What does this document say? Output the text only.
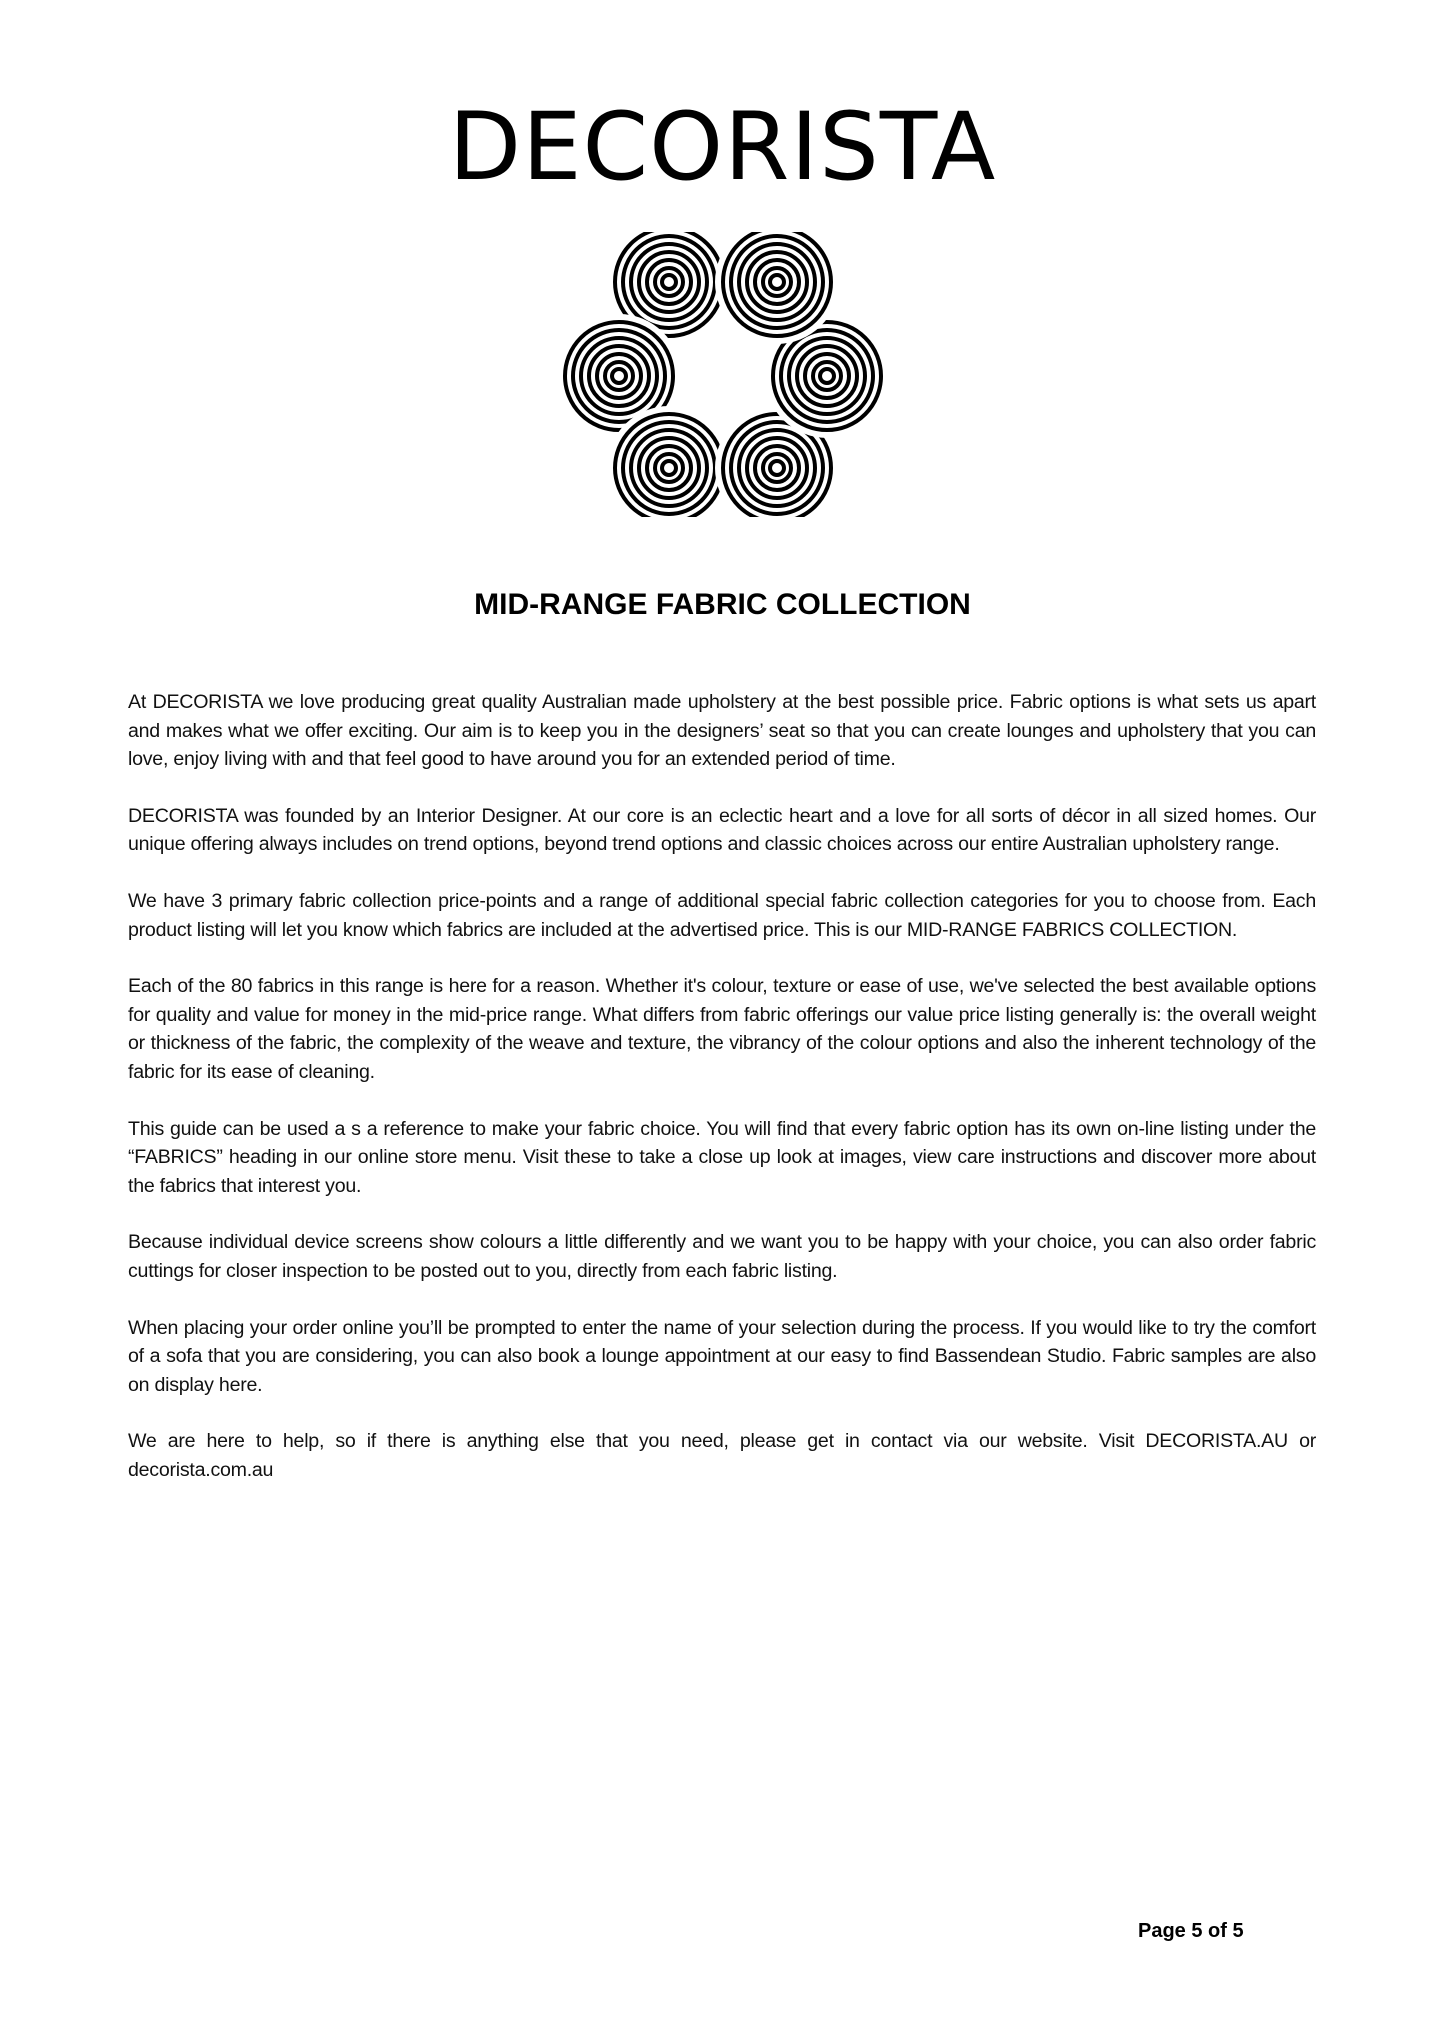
DECORISTA
MID-RANGE FABRIC COLLECTION

At DECORISTA we love producing great quality Australian made upholstery at the best possible price. Fabric options is what sets us apart and makes what we offer exciting. Our aim is to keep you in the designers’ seat so that you can create lounges and upholstery that you can love, enjoy living with and that feel good to have around you for an extended period of time.

DECORISTA was founded by an Interior Designer. At our core is an eclectic heart and a love for all sorts of décor in all sized homes. Our unique offering always includes on trend options, beyond trend options and classic choices across our entire Australian upholstery range.

We have 3 primary fabric collection price-points and a range of additional special fabric collection categories for you to choose from. Each product listing will let you know which fabrics are included at the advertised price. This is our MID-RANGE FABRICS COLLECTION.

Each of the 80 fabrics in this range is here for a reason. Whether it's colour, texture or ease of use, we've selected the best available options for quality and value for money in the mid-price range. What differs from fabric offerings our value price listing generally is: the overall weight or thickness of the fabric, the complexity of the weave and texture, the vibrancy of the colour options and also the inherent technology of the fabric for its ease of cleaning.

This guide can be used a s a reference to make your fabric choice. You will find that every fabric option has its own on-line listing under the “FABRICS” heading in our online store menu. Visit these to take a close up look at images, view care instructions and discover more about the fabrics that interest you.

Because individual device screens show colours a little differently and we want you to be happy with your choice, you can also order fabric cuttings for closer inspection to be posted out to you, directly from each fabric listing.

When placing your order online you’ll be prompted to enter the name of your selection during the process. If you would like to try the comfort of a sofa that you are considering, you can also book a lounge appointment at our easy to find Bassendean Studio. Fabric samples are also on display here.

We are here to help, so if there is anything else that you need, please get in contact via our website. Visit DECORISTA.AU or decorista.com.au

Page 5 of 5
